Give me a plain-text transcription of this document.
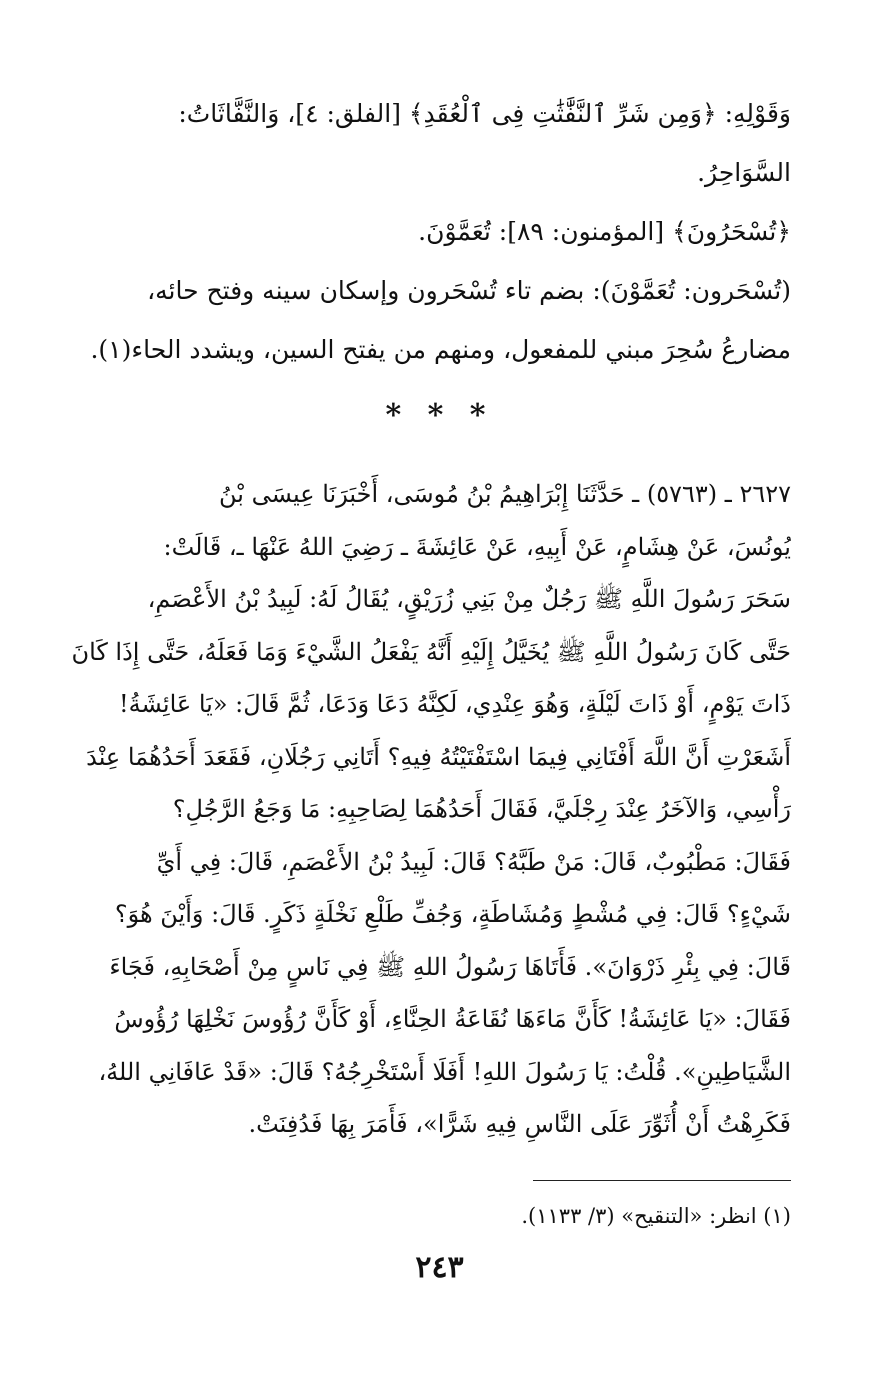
وَقَوْلِهِ: ﴿وَمِن شَرِّ ٱلنَّفَّٰثَٰتِ فِى ٱلْعُقَدِ﴾ [الفلق: ٤]، وَالنَّفَّاثَاتُ:
السَّوَاحِرُ.
﴿تُسْحَرُونَ﴾ [المؤمنون: ٨٩]: تُعَمَّوْنَ.
(تُسْحَرون: تُعَمَّوْنَ): بضم تاء تُسْحَرون وإسكان سينه وفتح حائه،
مضارعُ سُحِرَ مبني للمفعول، ومنهم من يفتح السين، ويشدد الحاء(١).
* * *
٢٦٢٧ ـ (٥٧٦٣) ـ حَدَّثَنَا إِبْرَاهِيمُ بْنُ مُوسَى، أَخْبَرَنَا عِيسَى بْنُ
يُونُسَ، عَنْ هِشَامٍ، عَنْ أَبِيهِ، عَنْ عَائِشَةَ ـ رَضِيَ اللهُ عَنْهَا ـ، قَالَتْ:
سَحَرَ رَسُولَ اللَّهِ ﷺ رَجُلٌ مِنْ بَنِي زُرَيْقٍ، يُقَالُ لَهُ: لَبِيدُ بْنُ الأَعْصَمِ،
حَتَّى كَانَ رَسُولُ اللَّهِ ﷺ يُخَيَّلُ إِلَيْهِ أَنَّهُ يَفْعَلُ الشَّيْءَ وَمَا فَعَلَهُ، حَتَّى إِذَا كَانَ
ذَاتَ يَوْمٍ، أَوْ ذَاتَ لَيْلَةٍ، وَهُوَ عِنْدِي، لَكِنَّهُ دَعَا وَدَعَا، ثُمَّ قَالَ: «يَا عَائِشَةُ!
أَشَعَرْتِ أَنَّ اللَّهَ أَفْتَانِي فِيمَا اسْتَفْتَيْتُهُ فِيهِ؟ أَتَانِي رَجُلَانِ، فَقَعَدَ أَحَدُهُمَا عِنْدَ
رَأْسِي، وَالآخَرُ عِنْدَ رِجْلَيَّ، فَقَالَ أَحَدُهُمَا لِصَاحِبِهِ: مَا وَجَعُ الرَّجُلِ؟
فَقَالَ: مَطْبُوبٌ، قَالَ: مَنْ طَبَّهُ؟ قَالَ: لَبِيدُ بْنُ الأَعْصَمِ، قَالَ: فِي أَيِّ
شَيْءٍ؟ قَالَ: فِي مُشْطٍ وَمُشَاطَةٍ، وَجُفِّ طَلْعِ نَخْلَةٍ ذَكَرٍ. قَالَ: وَأَيْنَ هُوَ؟
قَالَ: فِي بِئْرِ ذَرْوَانَ». فَأَتَاهَا رَسُولُ اللهِ ﷺ فِي نَاسٍ مِنْ أَصْحَابِهِ، فَجَاءَ
فَقَالَ: «يَا عَائِشَةُ! كَأَنَّ مَاءَهَا نُقَاعَةُ الحِنَّاءِ، أَوْ كَأَنَّ رُؤُوسَ نَخْلِهَا رُؤُوسُ
الشَّيَاطِينِ». قُلْتُ: يَا رَسُولَ اللهِ! أَفَلَا أَسْتَخْرِجُهُ؟ قَالَ: «قَدْ عَافَانِي اللهُ،
فَكَرِهْتُ أَنْ أُثَوِّرَ عَلَى النَّاسِ فِيهِ شَرًّا»، فَأَمَرَ بِهَا فَدُفِنَتْ.
(١) انظر: «التنقيح» (٣/ ١١٣٣).
٢٤٣
